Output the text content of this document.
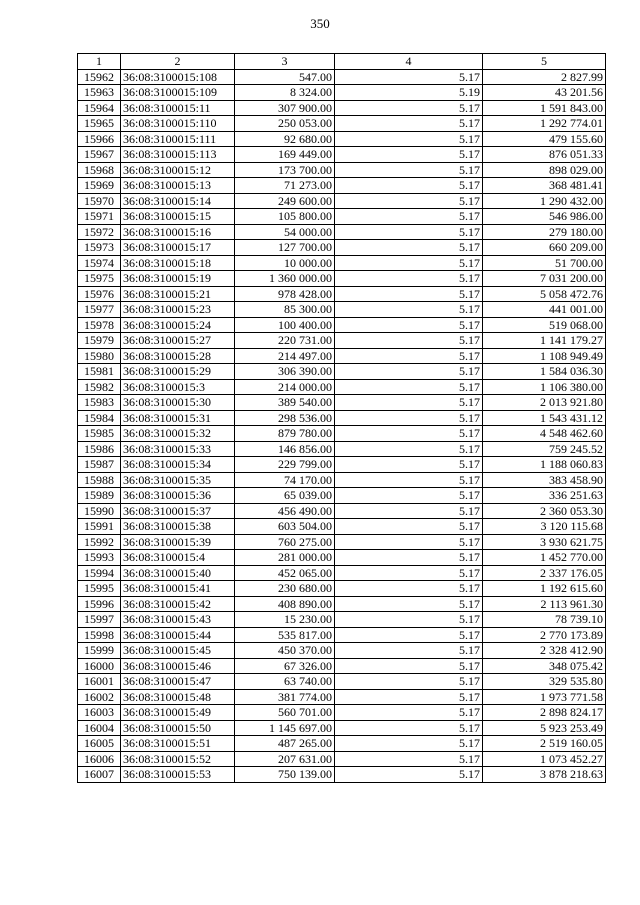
350
1	2	3	4	5
15962	36:08:3100015:108	547.00	5.17	2 827.99
15963	36:08:3100015:109	8 324.00	5.19	43 201.56
15964	36:08:3100015:11	307 900.00	5.17	1 591 843.00
15965	36:08:3100015:110	250 053.00	5.17	1 292 774.01
15966	36:08:3100015:111	92 680.00	5.17	479 155.60
15967	36:08:3100015:113	169 449.00	5.17	876 051.33
15968	36:08:3100015:12	173 700.00	5.17	898 029.00
15969	36:08:3100015:13	71 273.00	5.17	368 481.41
15970	36:08:3100015:14	249 600.00	5.17	1 290 432.00
15971	36:08:3100015:15	105 800.00	5.17	546 986.00
15972	36:08:3100015:16	54 000.00	5.17	279 180.00
15973	36:08:3100015:17	127 700.00	5.17	660 209.00
15974	36:08:3100015:18	10 000.00	5.17	51 700.00
15975	36:08:3100015:19	1 360 000.00	5.17	7 031 200.00
15976	36:08:3100015:21	978 428.00	5.17	5 058 472.76
15977	36:08:3100015:23	85 300.00	5.17	441 001.00
15978	36:08:3100015:24	100 400.00	5.17	519 068.00
15979	36:08:3100015:27	220 731.00	5.17	1 141 179.27
15980	36:08:3100015:28	214 497.00	5.17	1 108 949.49
15981	36:08:3100015:29	306 390.00	5.17	1 584 036.30
15982	36:08:3100015:3	214 000.00	5.17	1 106 380.00
15983	36:08:3100015:30	389 540.00	5.17	2 013 921.80
15984	36:08:3100015:31	298 536.00	5.17	1 543 431.12
15985	36:08:3100015:32	879 780.00	5.17	4 548 462.60
15986	36:08:3100015:33	146 856.00	5.17	759 245.52
15987	36:08:3100015:34	229 799.00	5.17	1 188 060.83
15988	36:08:3100015:35	74 170.00	5.17	383 458.90
15989	36:08:3100015:36	65 039.00	5.17	336 251.63
15990	36:08:3100015:37	456 490.00	5.17	2 360 053.30
15991	36:08:3100015:38	603 504.00	5.17	3 120 115.68
15992	36:08:3100015:39	760 275.00	5.17	3 930 621.75
15993	36:08:3100015:4	281 000.00	5.17	1 452 770.00
15994	36:08:3100015:40	452 065.00	5.17	2 337 176.05
15995	36:08:3100015:41	230 680.00	5.17	1 192 615.60
15996	36:08:3100015:42	408 890.00	5.17	2 113 961.30
15997	36:08:3100015:43	15 230.00	5.17	78 739.10
15998	36:08:3100015:44	535 817.00	5.17	2 770 173.89
15999	36:08:3100015:45	450 370.00	5.17	2 328 412.90
16000	36:08:3100015:46	67 326.00	5.17	348 075.42
16001	36:08:3100015:47	63 740.00	5.17	329 535.80
16002	36:08:3100015:48	381 774.00	5.17	1 973 771.58
16003	36:08:3100015:49	560 701.00	5.17	2 898 824.17
16004	36:08:3100015:50	1 145 697.00	5.17	5 923 253.49
16005	36:08:3100015:51	487 265.00	5.17	2 519 160.05
16006	36:08:3100015:52	207 631.00	5.17	1 073 452.27
16007	36:08:3100015:53	750 139.00	5.17	3 878 218.63
